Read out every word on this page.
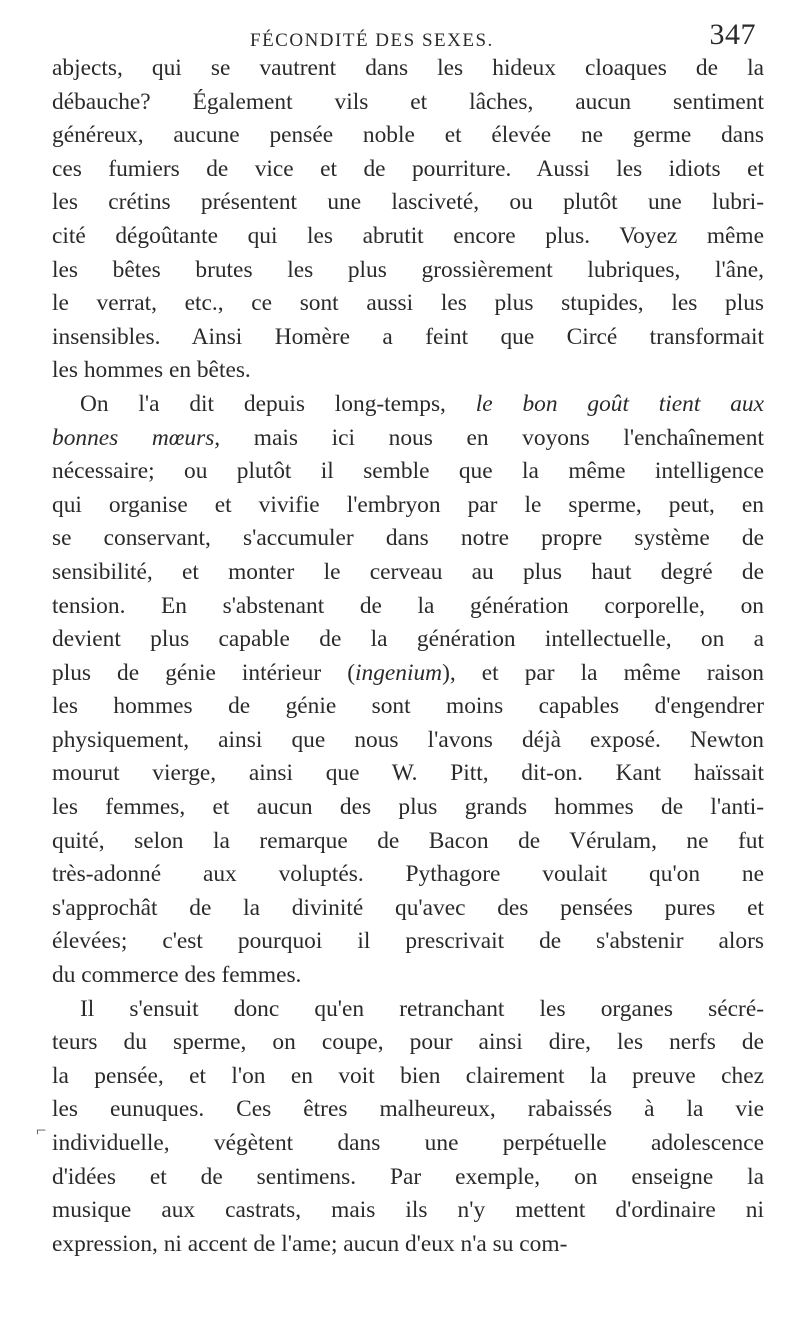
FÉCONDITÉ DES SEXES.	347
⌐
abjects, qui se vautrent dans les hideux cloaques de la
débauche? Également vils et lâches, aucun sentiment
généreux, aucune pensée noble et élevée ne germe dans
ces fumiers de vice et de pourriture. Aussi les idiots et
les crétins présentent une lasciveté, ou plutôt une lubri-
cité dégoûtante qui les abrutit encore plus. Voyez même
les bêtes brutes les plus grossièrement lubriques, l'âne,
le verrat, etc., ce sont aussi les plus stupides, les plus
insensibles. Ainsi Homère a feint que Circé transformait
les hommes en bêtes.
On l'a dit depuis long-temps, le bon goût tient aux
bonnes mœurs, mais ici nous en voyons l'enchaînement
nécessaire; ou plutôt il semble que la même intelligence
qui organise et vivifie l'embryon par le sperme, peut, en
se conservant, s'accumuler dans notre propre système de
sensibilité, et monter le cerveau au plus haut degré de
tension. En s'abstenant de la génération corporelle, on
devient plus capable de la génération intellectuelle, on a
plus de génie intérieur (ingenium), et par la même raison
les hommes de génie sont moins capables d'engendrer
physiquement, ainsi que nous l'avons déjà exposé. Newton
mourut vierge, ainsi que W. Pitt, dit-on. Kant haïssait
les femmes, et aucun des plus grands hommes de l'anti-
quité, selon la remarque de Bacon de Vérulam, ne fut
très-adonné aux voluptés. Pythagore voulait qu'on ne
s'approchât de la divinité qu'avec des pensées pures et
élevées; c'est pourquoi il prescrivait de s'abstenir alors
du commerce des femmes.
Il s'ensuit donc qu'en retranchant les organes sécré-
teurs du sperme, on coupe, pour ainsi dire, les nerfs de
la pensée, et l'on en voit bien clairement la preuve chez
les eunuques. Ces êtres malheureux, rabaissés à la vie
individuelle, végètent dans une perpétuelle adolescence
d'idées et de sentimens. Par exemple, on enseigne la
musique aux castrats, mais ils n'y mettent d'ordinaire ni
expression, ni accent de l'ame; aucun d'eux n'a su com-
